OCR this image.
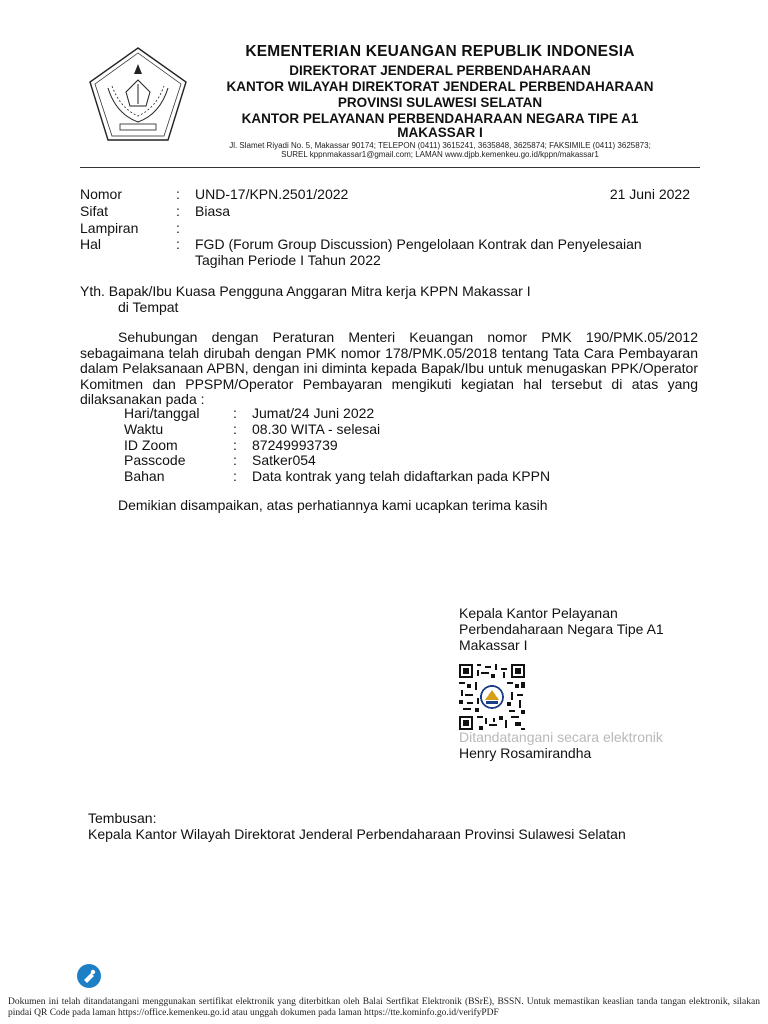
KEMENTERIAN KEUANGAN REPUBLIK INDONESIA
DIREKTORAT JENDERAL PERBENDAHARAAN
KANTOR WILAYAH DIREKTORAT JENDERAL PERBENDAHARAAN
PROVINSI SULAWESI SELATAN
KANTOR PELAYANAN PERBENDAHARAAN NEGARA TIPE A1
MAKASSAR I
Jl. Slamet Riyadi No. 5, Makassar 90174; TELEPON (0411) 3615241, 3635848, 3625874; FAKSIMILE (0411) 3625873;
SUREL kppnmakassar1@gmail.com; LAMAN www.djpb.kemenkeu.go.id/kppn/makassar1
Nomor	: UND-17/KPN.2501/2022	21 Juni 2022
Sifat	: Biasa
Lampiran	:
Hal	: FGD (Forum Group Discussion) Pengelolaan Kontrak dan Penyelesaian
Tagihan Periode I Tahun 2022
Yth. Bapak/Ibu Kuasa Pengguna Anggaran Mitra kerja KPPN Makassar I
di Tempat
Sehubungan dengan Peraturan Menteri Keuangan nomor PMK 190/PMK.05/2012 sebagaimana telah dirubah dengan PMK nomor 178/PMK.05/2018 tentang Tata Cara Pembayaran dalam Pelaksanaan APBN, dengan ini diminta kepada Bapak/Ibu untuk menugaskan PPK/Operator Komitmen dan PPSPM/Operator Pembayaran mengikuti kegiatan hal tersebut di atas yang dilaksanakan pada :
Hari/tanggal : Jumat/24 Juni 2022
Waktu	: 08.30 WITA - selesai
ID Zoom	: 87249993739
Passcode	: Satker054
Bahan	: Data kontrak yang telah didaftarkan pada KPPN
Demikian disampaikan, atas perhatiannya kami ucapkan terima kasih
Kepala Kantor Pelayanan
Perbendaharaan Negara Tipe A1
Makassar I
Ditandatangani secara elektronik
Henry Rosamirandha
Tembusan:
Kepala Kantor Wilayah Direktorat Jenderal Perbendaharaan Provinsi Sulawesi Selatan
Dokumen ini telah ditandatangani menggunakan sertifikat elektronik yang diterbitkan oleh Balai Sertfikat Elektronik (BSrE), BSSN. Untuk memastikan keaslian tanda tangan elektronik, silakan pindai QR Code pada laman https://office.kemenkeu.go.id atau unggah dokumen pada laman https://tte.kominfo.go.id/verifyPDF
